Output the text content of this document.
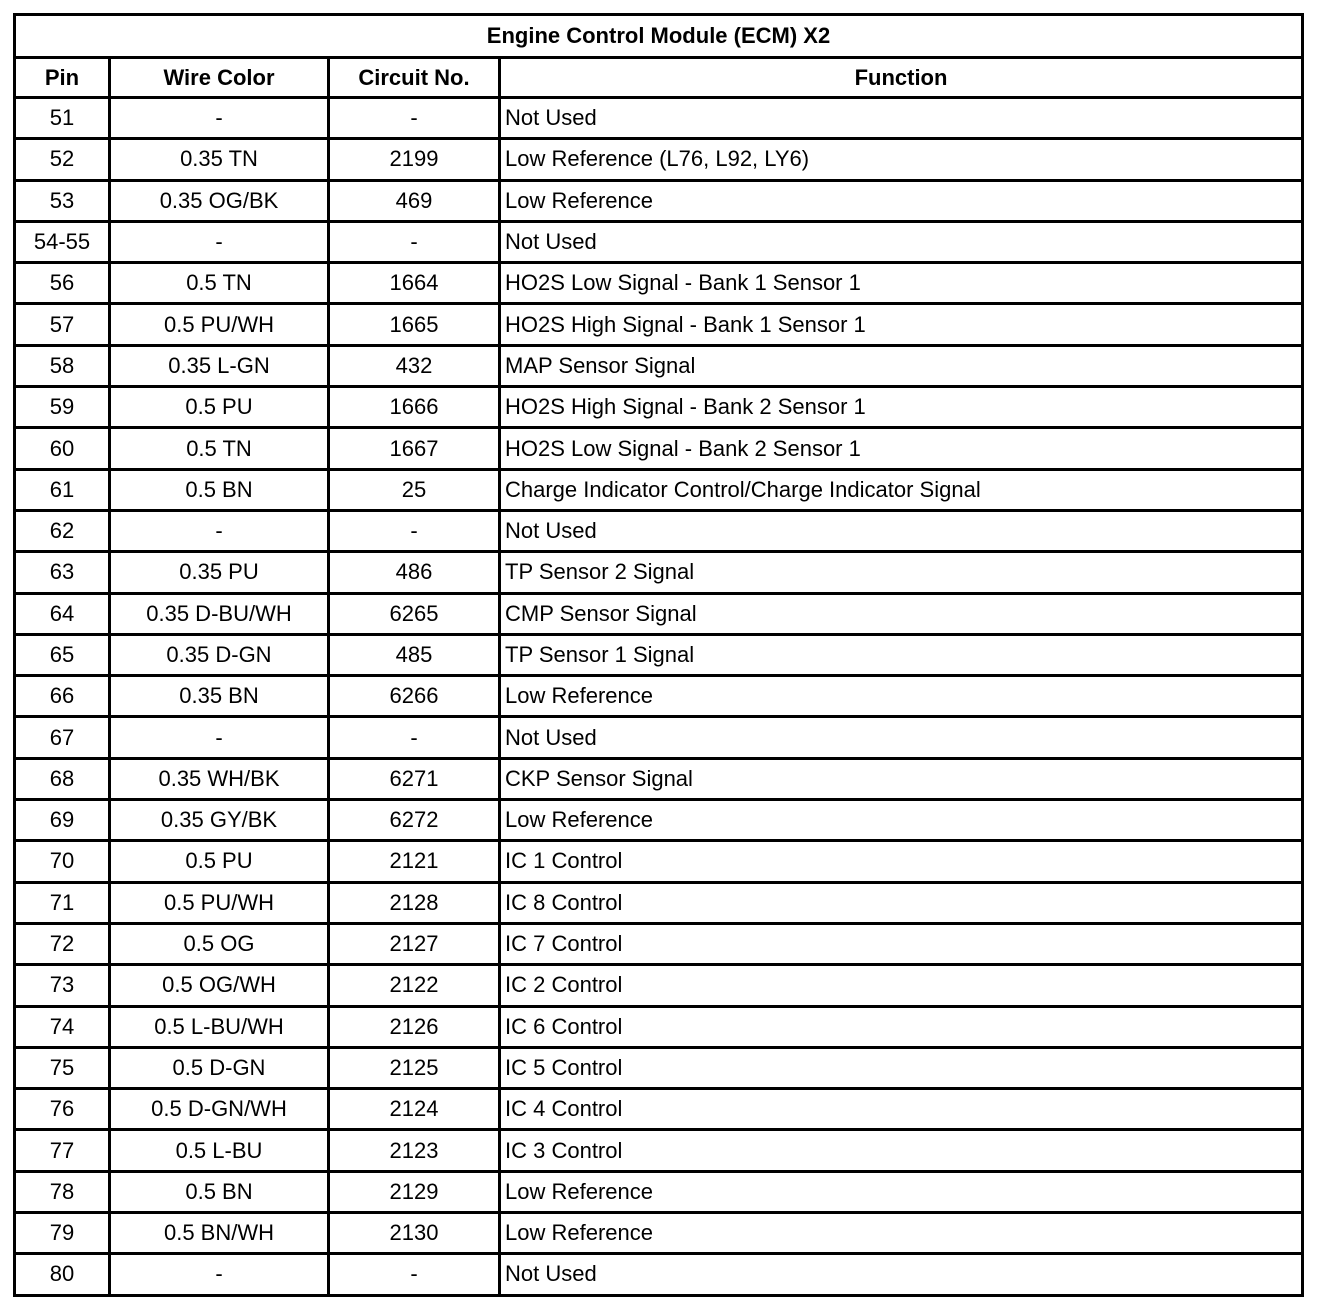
Engine Control Module (ECM) X2			
Pin	Wire Color	Circuit No.	Function
51	-	-	Not Used
52	0.35 TN	2199	Low Reference (L76, L92, LY6)
53	0.35 OG/BK	469	Low Reference
54-55	-	-	Not Used
56	0.5 TN	1664	HO2S Low Signal - Bank 1 Sensor 1
57	0.5 PU/WH	1665	HO2S High Signal - Bank 1 Sensor 1
58	0.35 L-GN	432	MAP Sensor Signal
59	0.5 PU	1666	HO2S High Signal - Bank 2 Sensor 1
60	0.5 TN	1667	HO2S Low Signal - Bank 2 Sensor 1
61	0.5 BN	25	Charge Indicator Control/Charge Indicator Signal
62	-	-	Not Used
63	0.35 PU	486	TP Sensor 2 Signal
64	0.35 D-BU/WH	6265	CMP Sensor Signal
65	0.35 D-GN	485	TP Sensor 1 Signal
66	0.35 BN	6266	Low Reference
67	-	-	Not Used
68	0.35 WH/BK	6271	CKP Sensor Signal
69	0.35 GY/BK	6272	Low Reference
70	0.5 PU	2121	IC 1 Control
71	0.5 PU/WH	2128	IC 8 Control
72	0.5 OG	2127	IC 7 Control
73	0.5 OG/WH	2122	IC 2 Control
74	0.5 L-BU/WH	2126	IC 6 Control
75	0.5 D-GN	2125	IC 5 Control
76	0.5 D-GN/WH	2124	IC 4 Control
77	0.5 L-BU	2123	IC 3 Control
78	0.5 BN	2129	Low Reference
79	0.5 BN/WH	2130	Low Reference
80	-	-	Not Used
